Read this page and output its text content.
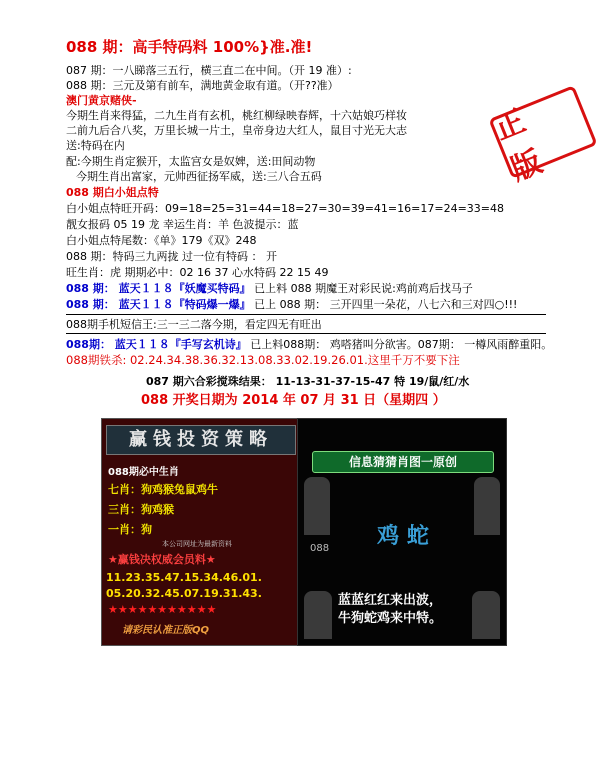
088 期：高手特码料 100%}准.准!
087 期：一八睇落三五行，横三直二在中间。（开 19 准）:
088 期：三元及第有前车，满地黄金取有道。（开??准）
澳门黄京赌侠-
今期生肖来得猛，二九生肖有玄机，桃红柳绿映春辉，十六姑娘巧样妆
二前九后合八奖，万里长城一片土，皇帝身边大红人，鼠目寸光无大志
送:特码在内
配:今期生肖定猴开，太监宫女是奴婢，送:田间动物
今期生肖出富家，元帅西征扬军威，送:三八合五码
088 期白小姐点特
白小姐点特旺开码：09=18=25=31=44=18=27=30=39=41=16=17=24=33=48
靓女报码 05 19 龙 幸运生肖：羊 色波提示：蓝
白小姐点特尾数：《单》179《双》248
088 期：特码三九两拢 过一位有特码 ： 开
旺生肖：虎 期期必中：02 16 37 心水特码 22 15 49
088 期： 蓝天１１８『妖魔买特码』 已上料 088 期魔王对彩民说:鸡前鸡后找马子
088 期： 蓝天１１８『特码爆一爆』 已上 088 期： 三开四里一朵花，八七六和三对四○!!!
088期手机短信王:三一三二落今期，看定四无有旺出
088期： 蓝天１１８『手写玄机诗』 已上料088期： 鸡嗒猪叫分欲害。087期： 一樽风雨醉重阳。
088期铁杀: 02.24.34.38.36.32.13.08.33.02.19.26.01.这里千万不要下注
087 期六合彩搅珠结果： 11-13-31-37-15-47 特 19/鼠/红/水
088 开奖日期为 2014 年 07 月 31 日（星期四 ）
正版
赢钱投资策略
088期必中生肖
七肖：狗鸡猴兔鼠鸡牛
三肖：狗鸡猴
一肖：狗
本公司网址为最新资料
★赢钱决权威会员料★
11.23.35.47.15.34.46.01.
05.20.32.45.07.19.31.43.
★★★★★★★★★★★
请彩民认准正版QQ
信息猜猜肖图一原创
088	鸡 蛇
蓝蓝红红来出波，
牛狗蛇鸡来中特。
